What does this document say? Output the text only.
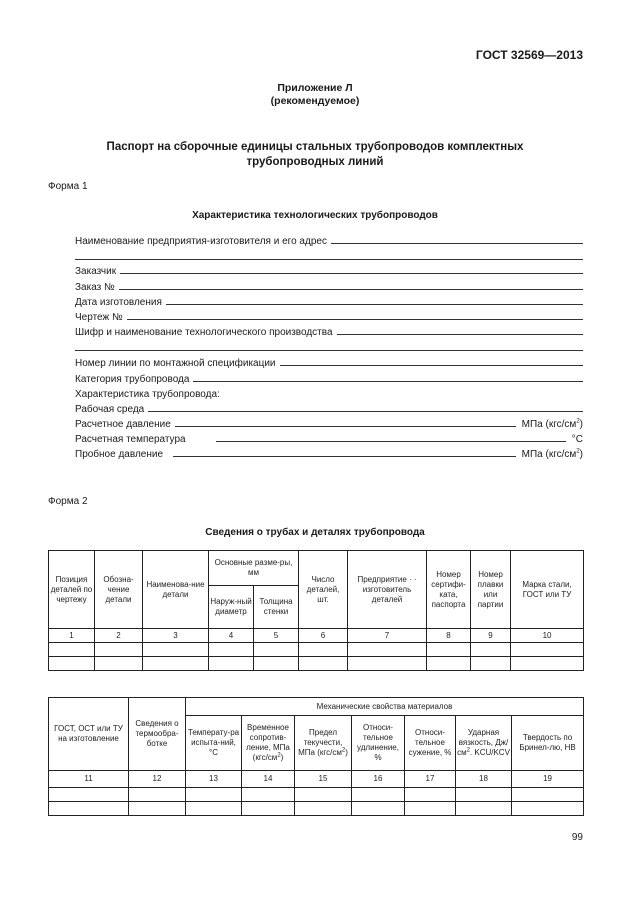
ГОСТ 32569—2013
Приложение Л
(рекомендуемое)
Паспорт на сборочные единицы стальных трубопроводов комплектных
трубопроводных линий
Форма 1
Характеристика технологических трубопроводов
Наименование предприятия-изготовителя и его адрес
Заказчик
Заказ №
Дата изготовления
Чертеж №
Шифр и наименование технологического производства
Номер линии по монтажной спецификации
Категория трубопровода
Характеристика трубопровода:
Рабочая среда
Расчетное давление	МПа $(кгс/см^2)$
Расчетная температура	°С
Пробное давление	МПа $(кгс/см^2)$
Форма 2
Сведения о трубах и деталях трубопровода
Позиция деталей по чертежу	Обозна-чение детали	Наименова-ние детали	Основные разме-ры, мм		Число деталей, шт.	Предприятие · · изготовитель деталей	Номер сертифи-ката, паспорта	Номер плавки или партии	Марка стали, ГОСТ или ТУ
			Наруж-ный диаметр	Толщина стенки					
1	2	3	4	5	6	7	8	9	10

ГОСТ, ОСТ или ТУ на изготовление	Сведения о термообра-ботке	Механические свойства материалов						
		Температу-ра испыта-ний, °С	Временное сопротив-ление, МПа $(кгс/см^2)$	Предел текучести, МПа $(кгс/см^2)$	Относи-тельное удлинение, %	Относи-тельное сужение, %	Ударная вязкость, $Дж/см^2$. KCU/KCV	Твердость по Бринел-лю, НВ
11	12	13	14	15	16	17	18	19

99
